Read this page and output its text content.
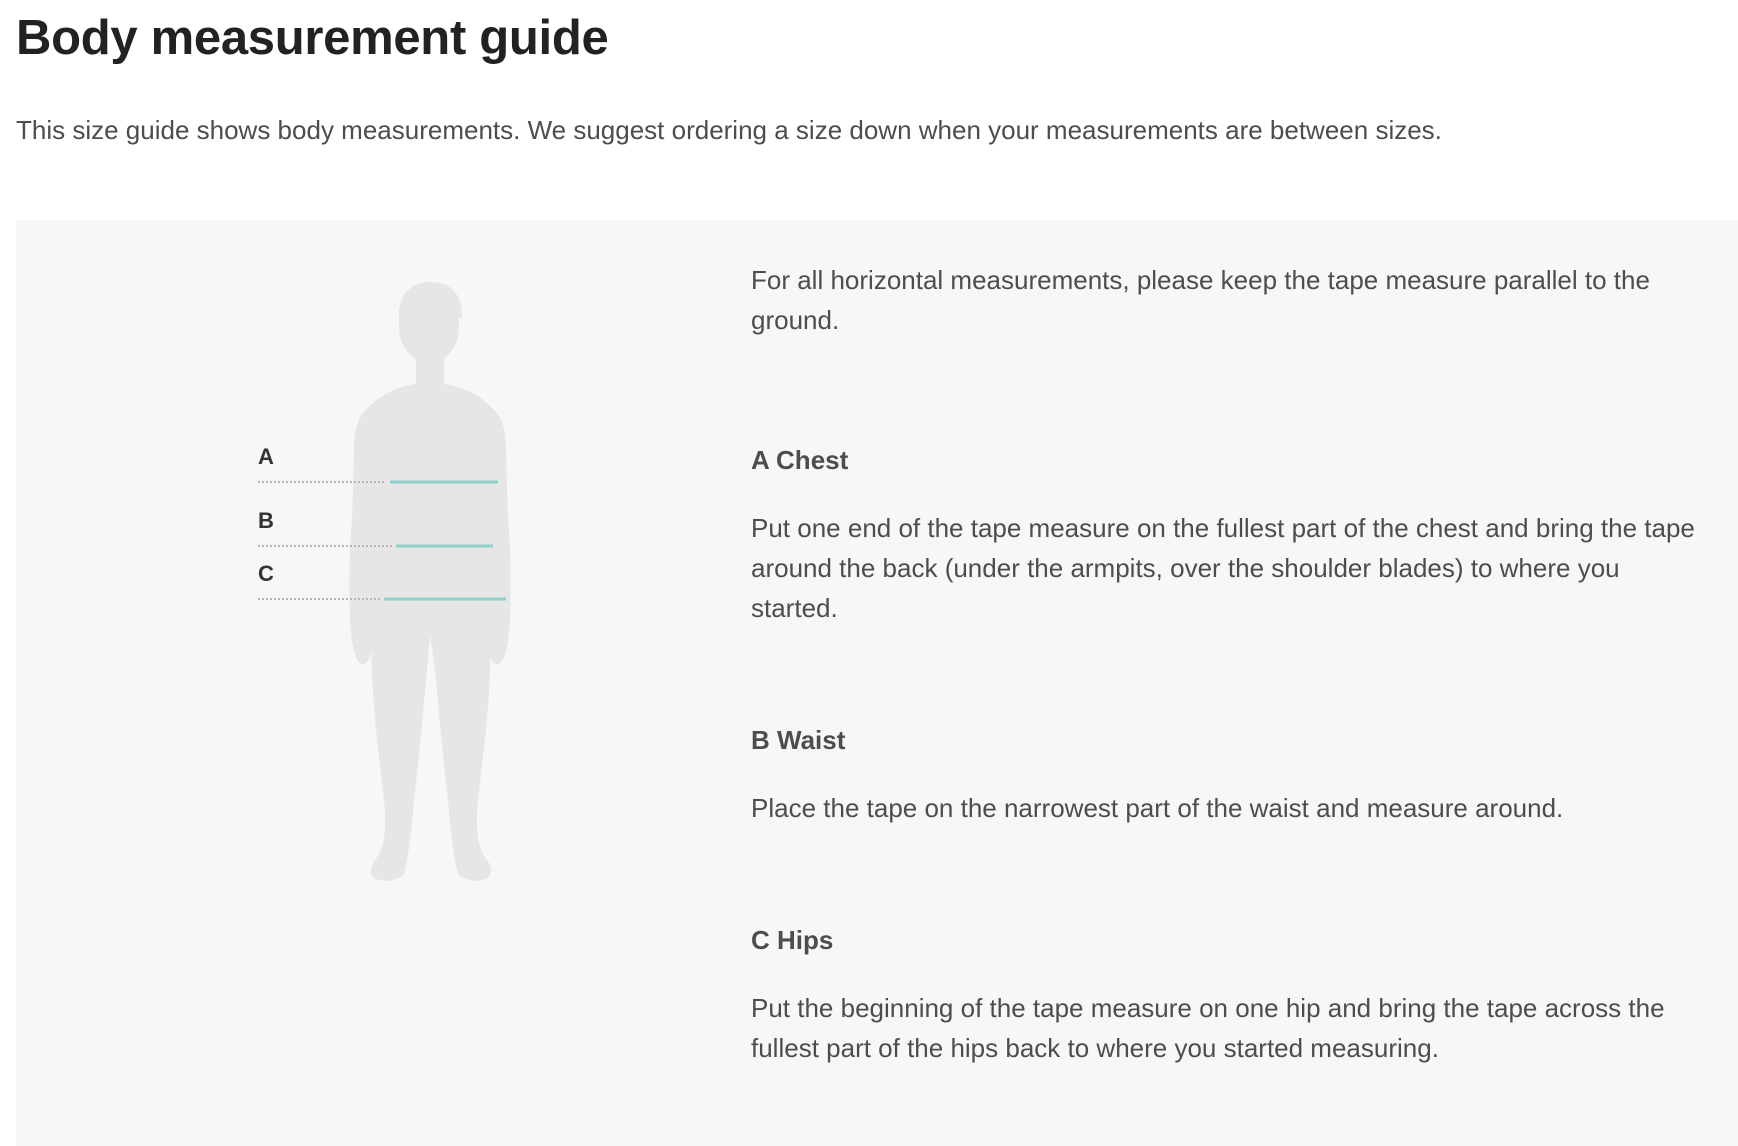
Body measurement guide

This size guide shows body measurements. We suggest ordering a size down when your measurements are between sizes.

A
B
C

For all horizontal measurements, please keep the tape measure parallel to the ground.

A Chest

Put one end of the tape measure on the fullest part of the chest and bring the tape around the back (under the armpits, over the shoulder blades) to where you started.

B Waist

Place the tape on the narrowest part of the waist and measure around.

C Hips

Put the beginning of the tape measure on one hip and bring the tape across the fullest part of the hips back to where you started measuring.
